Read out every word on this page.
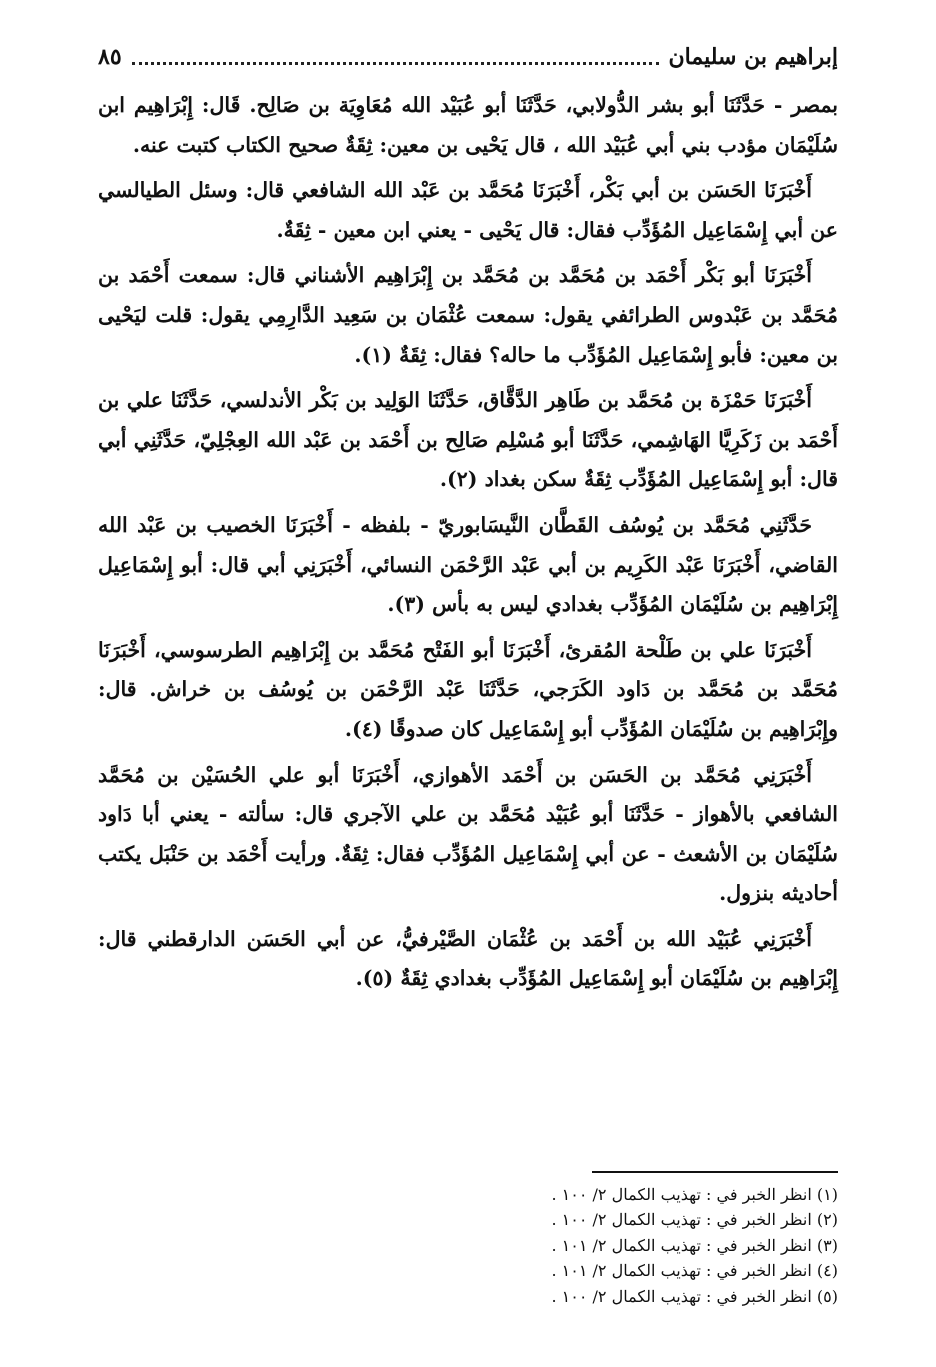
إبراهيم بن سليمان
٨٥

بمصر - حَدَّثَنَا أبو بشر الدُّولابي، حَدَّثَنَا أبو عُبَيْد الله مُعَاوِيَة بن صَالِح. قَال: إِبْرَاهِيم ابن سُلَيْمَان مؤدب بني أبي عُبَيْد الله ، قال يَحْيى بن معين: ثِقَةٌ صحيح الكتاب كتبت عنه.

أَخْبَرَنَا الحَسَن بن أبي بَكْر، أَخْبَرَنَا مُحَمَّد بن عَبْد الله الشافعي قال: وسئل الطيالسي عن أبي إِسْمَاعِيل المُؤَدِّب فقال: قال يَحْيى - يعني ابن معين - ثِقَةٌ.

أَخْبَرَنَا أبو بَكْر أَحْمَد بن مُحَمَّد بن مُحَمَّد بن إِبْرَاهِيم الأشناني قال: سمعت أَحْمَد بن مُحَمَّد بن عَبْدوس الطرائفي يقول: سمعت عُثْمَان بن سَعِيد الدَّارِمِي يقول: قلت ليَحْيى بن معين: فأبو إِسْمَاعِيل المُؤَدِّب ما حاله؟ فقال: ثِقَةٌ (١).

أَخْبَرَنَا حَمْزَة بن مُحَمَّد بن طَاهِر الدَّقَّاق، حَدَّثَنَا الوَلِيد بن بَكْر الأندلسي، حَدَّثَنَا علي بن أَحْمَد بن زَكَرِيَّا الهَاشِمي، حَدَّثَنَا أبو مُسْلِم صَالِح بن أَحْمَد بن عَبْد الله العِجْلِيّ، حَدَّثَنِي أبي قال: أبو إِسْمَاعِيل المُؤَدِّب ثِقَةٌ سكن بغداد (٢).

حَدَّثَنِي مُحَمَّد بن يُوسُف القَطَّان النَّيسَابوريّ - بلفظه - أَخْبَرَنَا الخصيب بن عَبْد الله القاضي، أَخْبَرَنَا عَبْد الكَرِيم بن أبي عَبْد الرَّحْمَن النسائي، أَخْبَرَنِي أبي قال: أبو إِسْمَاعِيل إِبْرَاهِيم بن سُلَيْمَان المُؤَدِّب بغدادي ليس به بأس (٣).

أَخْبَرَنَا علي بن طَلْحة المُقرئ، أَخْبَرَنَا أبو الفَتْح مُحَمَّد بن إِبْرَاهِيم الطرسوسي، أَخْبَرَنَا مُحَمَّد بن مُحَمَّد بن دَاود الكَرَجي، حَدَّثَنَا عَبْد الرَّحْمَن بن يُوسُف بن خراش. قال: وإِبْرَاهِيم بن سُلَيْمَان المُؤَدِّب أبو إِسْمَاعِيل كان صدوقًا (٤).

أَخْبَرَنِي مُحَمَّد بن الحَسَن بن أَحْمَد الأهوازي، أَخْبَرَنَا أبو علي الحُسَيْن بن مُحَمَّد الشافعي بالأهواز - حَدَّثَنَا أبو عُبَيْد مُحَمَّد بن علي الآجري قال: سألته - يعني أبا دَاود سُلَيْمَان بن الأشعث - عن أبي إِسْمَاعِيل المُؤَدِّب فقال: ثِقَةٌ. ورأيت أَحْمَد بن حَنْبَل يكتب أحاديثه بنزول.

أَخْبَرَنِي عُبَيْد الله بن أَحْمَد بن عُثْمَان الصَّيْرفيُّ، عن أبي الحَسَن الدارقطني قال: إِبْرَاهِيم بن سُلَيْمَان أبو إِسْمَاعِيل المُؤَدِّب بغدادي ثِقَةٌ (٥).

(١) انظر الخبر في : تهذيب الكمال ٢/ ١٠٠ .
(٢) انظر الخبر في : تهذيب الكمال ٢/ ١٠٠ .
(٣) انظر الخبر في : تهذيب الكمال ٢/ ١٠١ .
(٤) انظر الخبر في : تهذيب الكمال ٢/ ١٠١ .
(٥) انظر الخبر في : تهذيب الكمال ٢/ ١٠٠ .
